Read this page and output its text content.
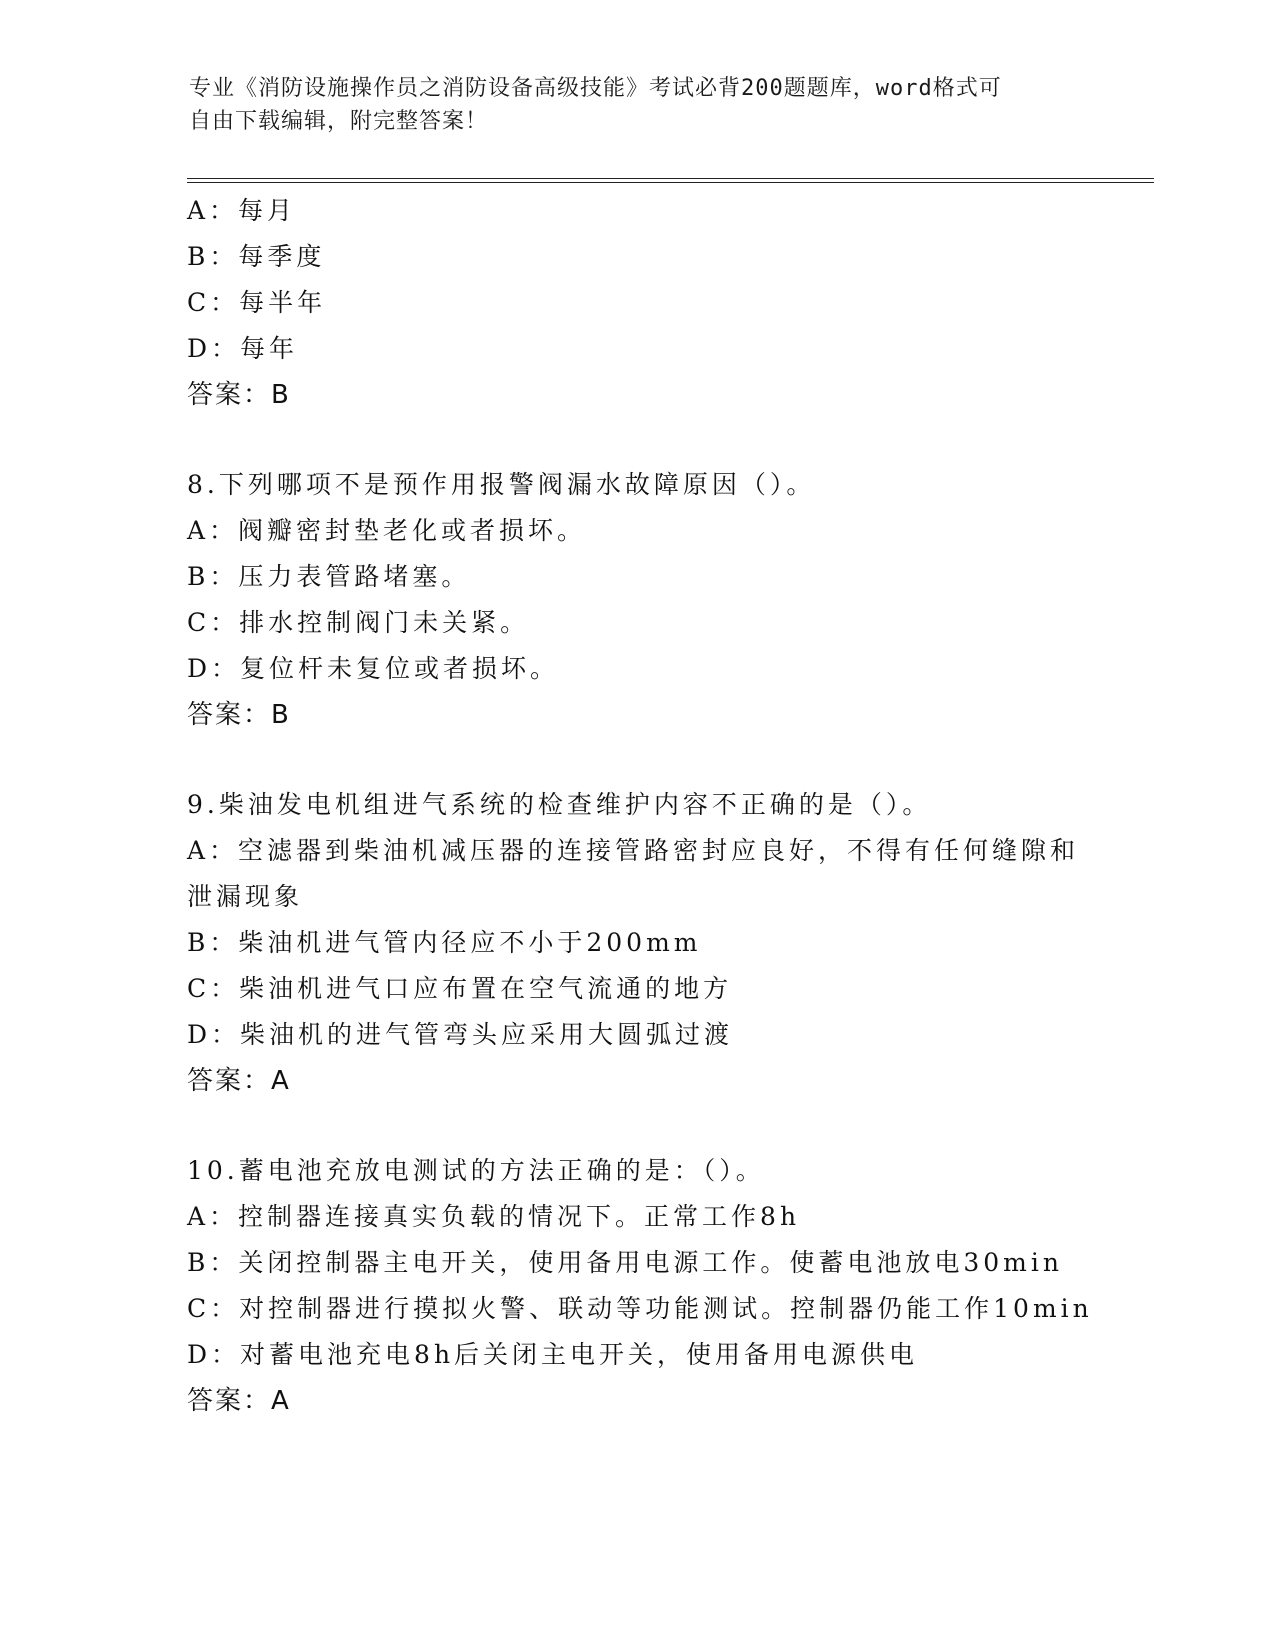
专业《消防设施操作员之消防设备高级技能》考试必背200题题库，word格式可
自由下载编辑，附完整答案！
A：每月
B：每季度
C：每半年
D：每年
答案：B
8.下列哪项不是预作用报警阀漏水故障原因（）。
A：阀瓣密封垫老化或者损坏。
B：压力表管路堵塞。
C：排水控制阀门未关紧。
D：复位杆未复位或者损坏。
答案：B
9.柴油发电机组进气系统的检查维护内容不正确的是（）。
A：空滤器到柴油机减压器的连接管路密封应良好，不得有任何缝隙和
泄漏现象
B：柴油机进气管内径应不小于200mm
C：柴油机进气口应布置在空气流通的地方
D：柴油机的进气管弯头应采用大圆弧过渡
答案：A
10.蓄电池充放电测试的方法正确的是：（）。
A：控制器连接真实负载的情况下。正常工作8h
B：关闭控制器主电开关，使用备用电源工作。使蓄电池放电30min
C：对控制器进行摸拟火警、联动等功能测试。控制器仍能工作10min
D：对蓄电池充电8h后关闭主电开关，使用备用电源供电
答案：A
